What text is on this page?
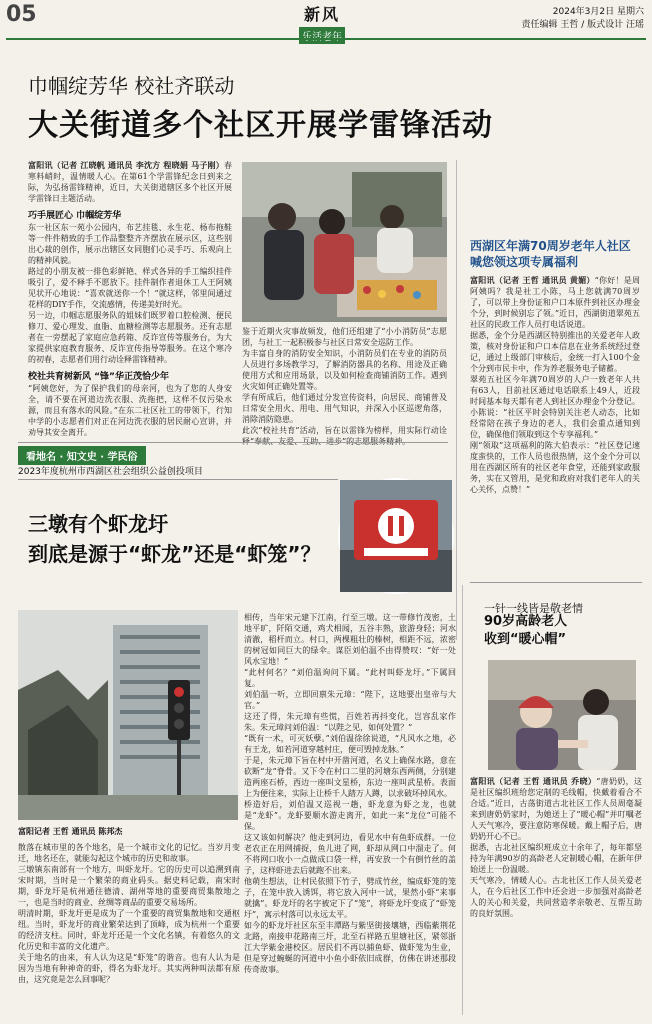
05	新风	2024年3月2日 星期六
责任编辑 王哲 / 版式设计 汪瑶
巾帼绽芳华 校社齐联动
大关街道多个社区开展学雷锋活动

富阳讯（记者 江晓帆 通讯员 李沈方 程晓娟 马子刚）春寒料峭时，温情暖人心。在第61个学雷锋纪念日到来之际，为弘扬雷锋精神，近日，大关街道辖区多个社区开展学雷锋日主题活动。

巧手展匠心 巾帼绽芳华

东一社区东一苑小公园内，布艺挂毯、永生花、杨布拖鞋等一件件精致的手工作品整整齐齐摆放在展示区，这些别出心裁的创作，展示出辖区女同胞们心灵手巧、乐观向上的精神风貌。

路过的小朋友被一排色彩鲜艳、样式各异的手工编织挂件吸引了，爱不释手不愿放下。挂件制作者退休工人王阿姨见状开心地说：“喜欢就送你一个！”就这样，邻里间通过花样的DIY手作，交流感情，传递美好时光。

另一边，巾帼志愿服务队的姐妹们既罗着口腔检测、便民修刀、爱心理发、血脂、血糖检测等志愿服务。还有志愿者在一旁摆起了家庭应急药箱、反诈宣传等服务台，为大家提供家庭教育服务、反诈宣传指导等服务。在这个寒冷的初春，志愿者们用行动诠释雷锋精神。

校社共育树新风 “锋”华正茂恰少年

“阿姨您好，为了保护我们的母亲河，也为了您的人身安全，请不要在河道边洗衣服、洗拖把，这样不仅污染水源，而且有落水的风险。”在东二社区社工的带领下，行知中学的小志愿者们对正在河边洗衣服的居民耐心宣讲，并劝导其安全离开。

鉴于近期火灾事故频发，他们还组建了“小小消防员”志愿团，与社工一起积极参与社区日常安全巡防工作。

为丰富自身的消防安全知识，小消防员们在专业的消防员人员进行多场教学习，了解消防器具的名称、用途及正确使用方式和应用场景，以及如何检查商铺消防工作。遇到火灾如何正确处置等。

学有所成后，他们通过分发宣传资料，向居民、商铺普及日常安全用火、用电、用气知识，并深入小区巡逻角落，消除消防隐患。

此次“校社共育”活动，旨在以雷锋为榜样，用实际行动诠

西湖区年满70周岁老年人社区喊您领这项专属福利

富阳讯（记者 王哲 通讯员 黄媚）“你好！是周阿姨吗？我是社工小陈，马上您就满70周岁了，可以带上身份证和户口本原件到社区办理金个分，到时候别忘了领。”近日，西湖街道翠苑五社区的民政工作人员打电话说道。

据悉，金个分是西湖区特别推出的关爱老年人政策，核对身份证和户口本信息在业务系统经过登记，通过上级部门审核后，金统一打入100个金个分到市民卡中，作为养老服务电子储蓄。

翠苑五社区今年满70周岁的人户一致老年人共有63人，目前社区通过电话联系上49人，近段时间基本每天都有老人到社区办理金个分登记。小陈说：“社区平时会特别关注老人动态，比如经常陪在孩子身边的老人，我们会重点通知到位，确保他们领取到这个专享福利。”

刚“领取”这项福利的陈大伯表示：“社区登记速度蛮快的，工作人员也很热情，这个金个分可以用在西湖区所有的社区老年食堂，还能到家政服务，实在又管用，是党和政府对我们老年人的关心关怀，点赞！”

看地名 · 知文史 · 学民俗
2023年度杭州市西湖区社会组织公益创投项目
三墩有个虾龙圩
到底是源于“虾龙”还是“虾笼”？
富阳记者 王哲 通讯员 陈邦杰

散落在城市里的各个地名，是一个城市文化的记忆。当岁月变迁，地名还在，就能勾起这个城市的历史和故事。

三墩镇东南部有一个地方，叫虾龙圩。它的历史可以追溯到南宋时期，当时是一个繁荣的商业码头。据史料记载，南宋时期，虾龙圩是杭州通往德清、湖州等地的重要商贸集散地之一，也是当时的商业、丝绸等商品的重要交易场所。

明清时期，虾龙圩更是成为了一个重要的商贸集散地和交通枢纽。当时，虾龙圩的商业繁荣达到了顶峰，成为杭州一个重要的经济支柱。同时，虾龙圩还是一个文化名镇，有着悠久的文化历史和丰富的文化遗产。

关于地名的由来，有人认为这是“虾笼”的谐音。也有人认为是因为当地有种神奇的虾，得名为虾龙圩。其实两种叫法都有原由，这究竟是怎么回事呢？

相传，当年宋元建下江南，行至三墩。这一带修竹茂密，土地平旷，阡陌交通，鸡犬相闻，五谷丰熟，旅游身轻；河水清澈，稻杆而立。村口，两棵粗壮的榛树，相距不远，浓密的树冠如同巨大的绿伞。谋臣刘伯温不由得赞叹：“好一处风水宝地！”

“此村何名？”刘伯温询问下属。“此村叫虾龙圩。”下属回复。

刘伯温一听，立即回禀朱元璋：“陛下，这地要出皇帝与大官。”

这还了得，朱元璋有些慌，百姓若再抖变化，岂容乱家作朱。朱元璋问刘伯温：“以陛之见，如何处置？”

“既有一术，可灭妖孽。”刘伯温徐徐说道，“凡风水之地，必有王龙，如若河道穿越村庄，便可毁掉龙脉。”

于是，朱元璋下旨在村中开凿河道，名义上确保水路，意在砍断“龙”脊骨。又下令在村口二里的河塘东西两侧，分别建造两座石桥，西边一座叫文星桥，东边一座叫武星桥。表面上为便往来，实际上让桥千人踏万人蹲，以求破坏掉风水。

桥造好后，刘伯温又巡视一趟，虾龙意为虾之龙，也就是“龙虾”。龙虾要顺水游走离开，如此一来“龙位”可能不保。

这又该如何解决？他走到河边，看见水中有鱼虾成群。一位老农正在用网捕捉，鱼儿进了网，虾却从网口中溜走了。何不将网口收小一点做成口袋一样，再安放一个有倒竹丝的盖子，这样虾进去后就跑不出来。

他萌生想法，让村民依照下竹子，劈成竹丝，编成虾笼的笼子，在笼中放入诱饵，将它放入河中一试，果然小虾“来事就擒”。虾龙圩的名字被定下了“笼”，将虾龙圩变成了“虾笼圩”，寓示村落可以永远太平。

如今的虾龙圩社区东至丰潭路与紫坚街接壤塘，西临紫荆花北路，南接申花路南三圩，北至石祥路五里塘社区，紧邻浙江大学紫金港校区。居民们不再以捕鱼虾、做虾笼为生业，但是穿过蜿蜒的河道中小鱼小虾依旧成群，仿佛在讲述那段传奇故事。

一针一线皆是敬老情
90岁高龄老人
收到“暖心帽”

富阳讯（记者 王哲 通讯员 乔晓）“唐奶奶，这是社区编织班给您定制的毛线帽，快戴着看合不合适。”近日，古荡街道古北社区工作人员周毫凝来到唐奶奶家时，为她送上了“暖心帽”并叮嘱老人天气寒冷，要注意防寒保暖。戴上帽子后，唐奶奶开心不已。

据悉，古北社区编织班成立十余年了，每年都坚持为年满90岁的高龄老人定制暖心帽，在新年伊始送上一份温暖。

天气寒冷，情暖人心。古北社区工作人员关爱老人，在今后社区工作中还会进一步加强对高龄老人的关心和关爱，共同营造孝亲敬老、互帮互助的良好氛围。
